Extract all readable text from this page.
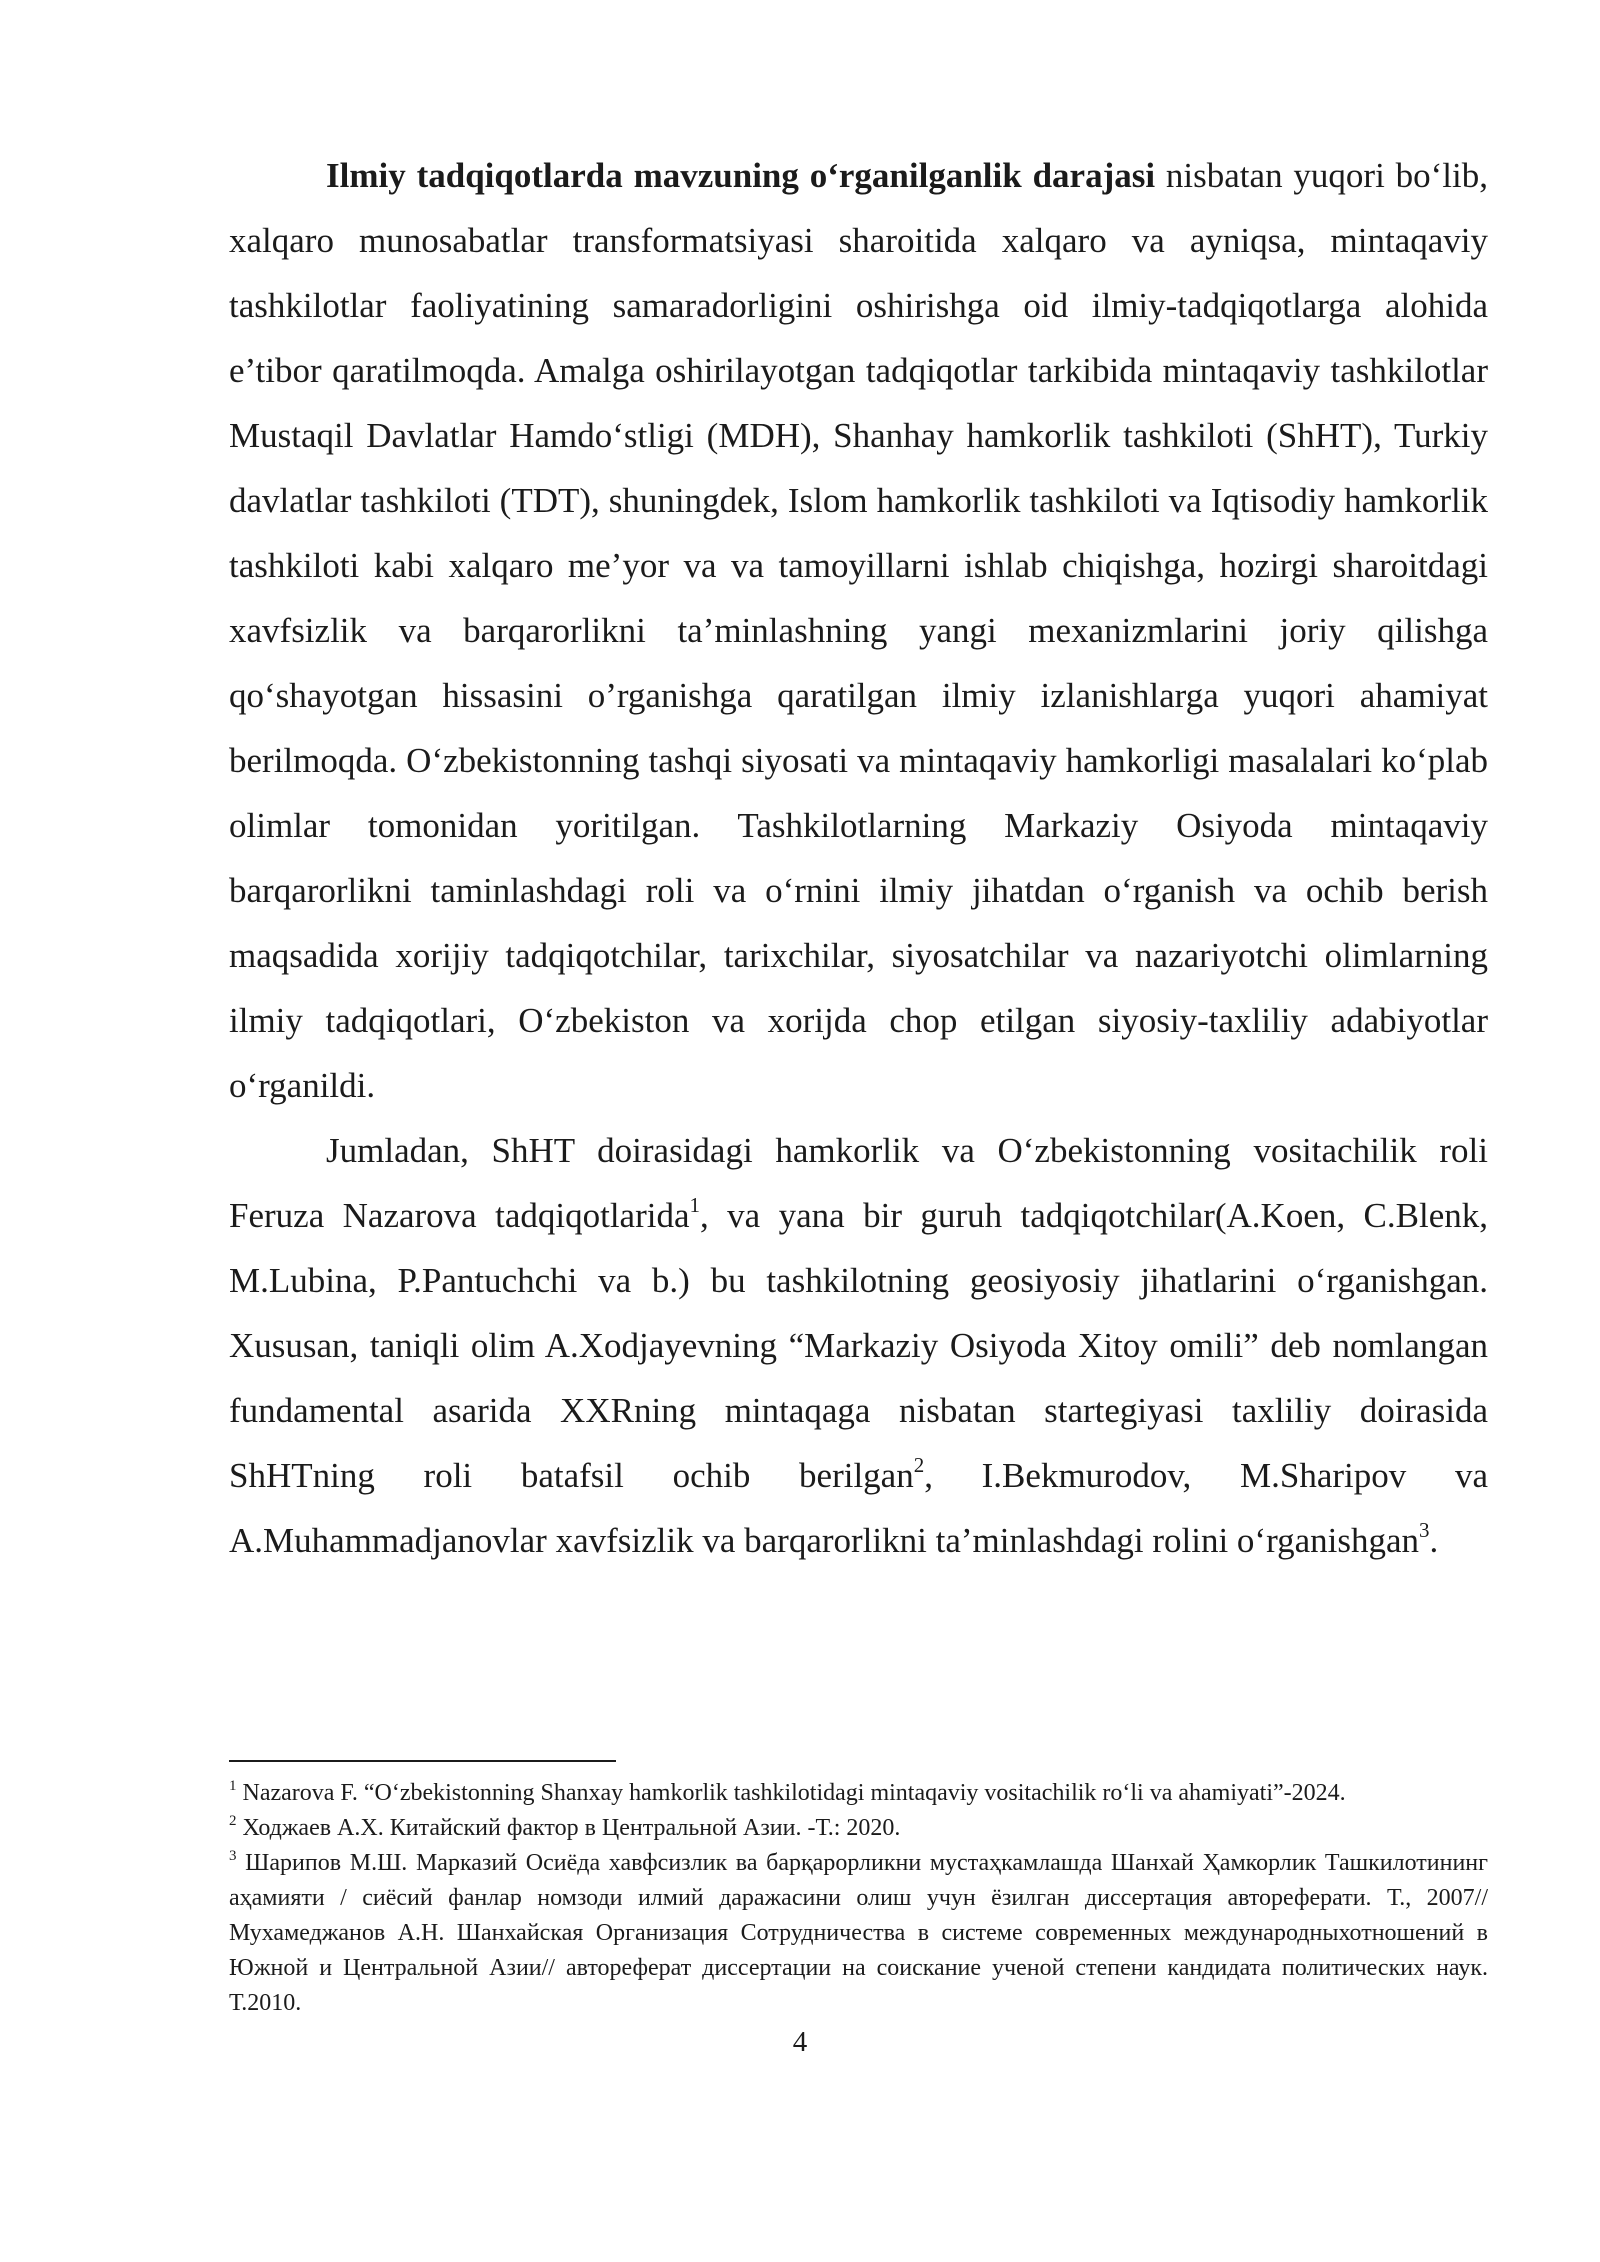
Ilmiy tadqiqotlarda mavzuning o‘rganilganlik darajasi nisbatan yuqori bo‘lib, xalqaro munosabatlar transformatsiyasi sharoitida xalqaro va ayniqsa, mintaqaviy tashkilotlar faoliyatining samaradorligini oshirishga oid ilmiy-tadqiqotlarga alohida e’tibor qaratilmoqda. Amalga oshirilayotgan tadqiqotlar tarkibida mintaqaviy tashkilotlar Mustaqil Davlatlar Hamdo‘stligi (MDH), Shanhay hamkorlik tashkiloti (ShHT), Turkiy davlatlar tashkiloti (TDT), shuningdek, Islom hamkorlik tashkiloti va Iqtisodiy hamkorlik tashkiloti kabi xalqaro me’yor va va tamoyillarni ishlab chiqishga, hozirgi sharoitdagi xavfsizlik va barqarorlikni ta’minlashning yangi mexanizmlarini joriy qilishga qo‘shayotgan hissasini o’rganishga qaratilgan ilmiy izlanishlarga yuqori ahamiyat berilmoqda. O‘zbekistonning tashqi siyosati va mintaqaviy hamkorligi masalalari ko‘plab olimlar tomonidan yoritilgan. Tashkilotlarning Markaziy Osiyoda mintaqaviy barqarorlikni taminlashdagi roli va o‘rnini ilmiy jihatdan o‘rganish va ochib berish maqsadida xorijiy tadqiqotchilar, tarixchilar, siyosatchilar va nazariyotchi olimlarning ilmiy tadqiqotlari, O‘zbekiston va xorijda chop etilgan siyosiy-taxliliy adabiyotlar o‘rganildi.

Jumladan, ShHT doirasidagi hamkorlik va O‘zbekistonning vositachilik roli Feruza Nazarova tadqiqotlarida$^1$, va yana bir guruh tadqiqotchilar(A.Koen, C.Blenk, M.Lubina, P.Pantuchchi va b.) bu tashkilotning geosiyosiy jihatlarini o‘rganishgan. Xususan, taniqli olim A.Xodjayevning “Markaziy Osiyoda Xitoy omili” deb nomlangan fundamental asarida XXRning mintaqaga nisbatan startegiyasi taxliliy doirasida ShHTning roli batafsil ochib berilgan$^2$, I.Bekmurodov, M.Sharipov va A.Muhammadjanovlar xavfsizlik va barqarorlikni ta’minlashdagi rolini o‘rganishgan$^3$.

$^1$ Nazarova F. “O‘zbekistonning Shanxay hamkorlik tashkilotidagi mintaqaviy vositachilik ro‘li va ahamiyati”-2024.

$^2$ Ходжаев А.Х. Китайский фактор в Центральной Азии. -Т.: 2020.

$^3$ Шарипов М.Ш. Марказий Осиёда хавфсизлик ва барқарорликни мустаҳкамлашда Шанхай Ҳамкорлик Ташкилотининг аҳамияти / сиёсий фанлар номзоди илмий даражасини олиш учун ёзилган диссертация автореферати. Т., 2007//Мухамеджанов А.Н. Шанхайская Организация Сотрудничества в системе современных международныхотношений в Южной и Центральной Азии// автореферат диссертации на соискание ученой степени кандидата политических наук. Т.2010.

4
